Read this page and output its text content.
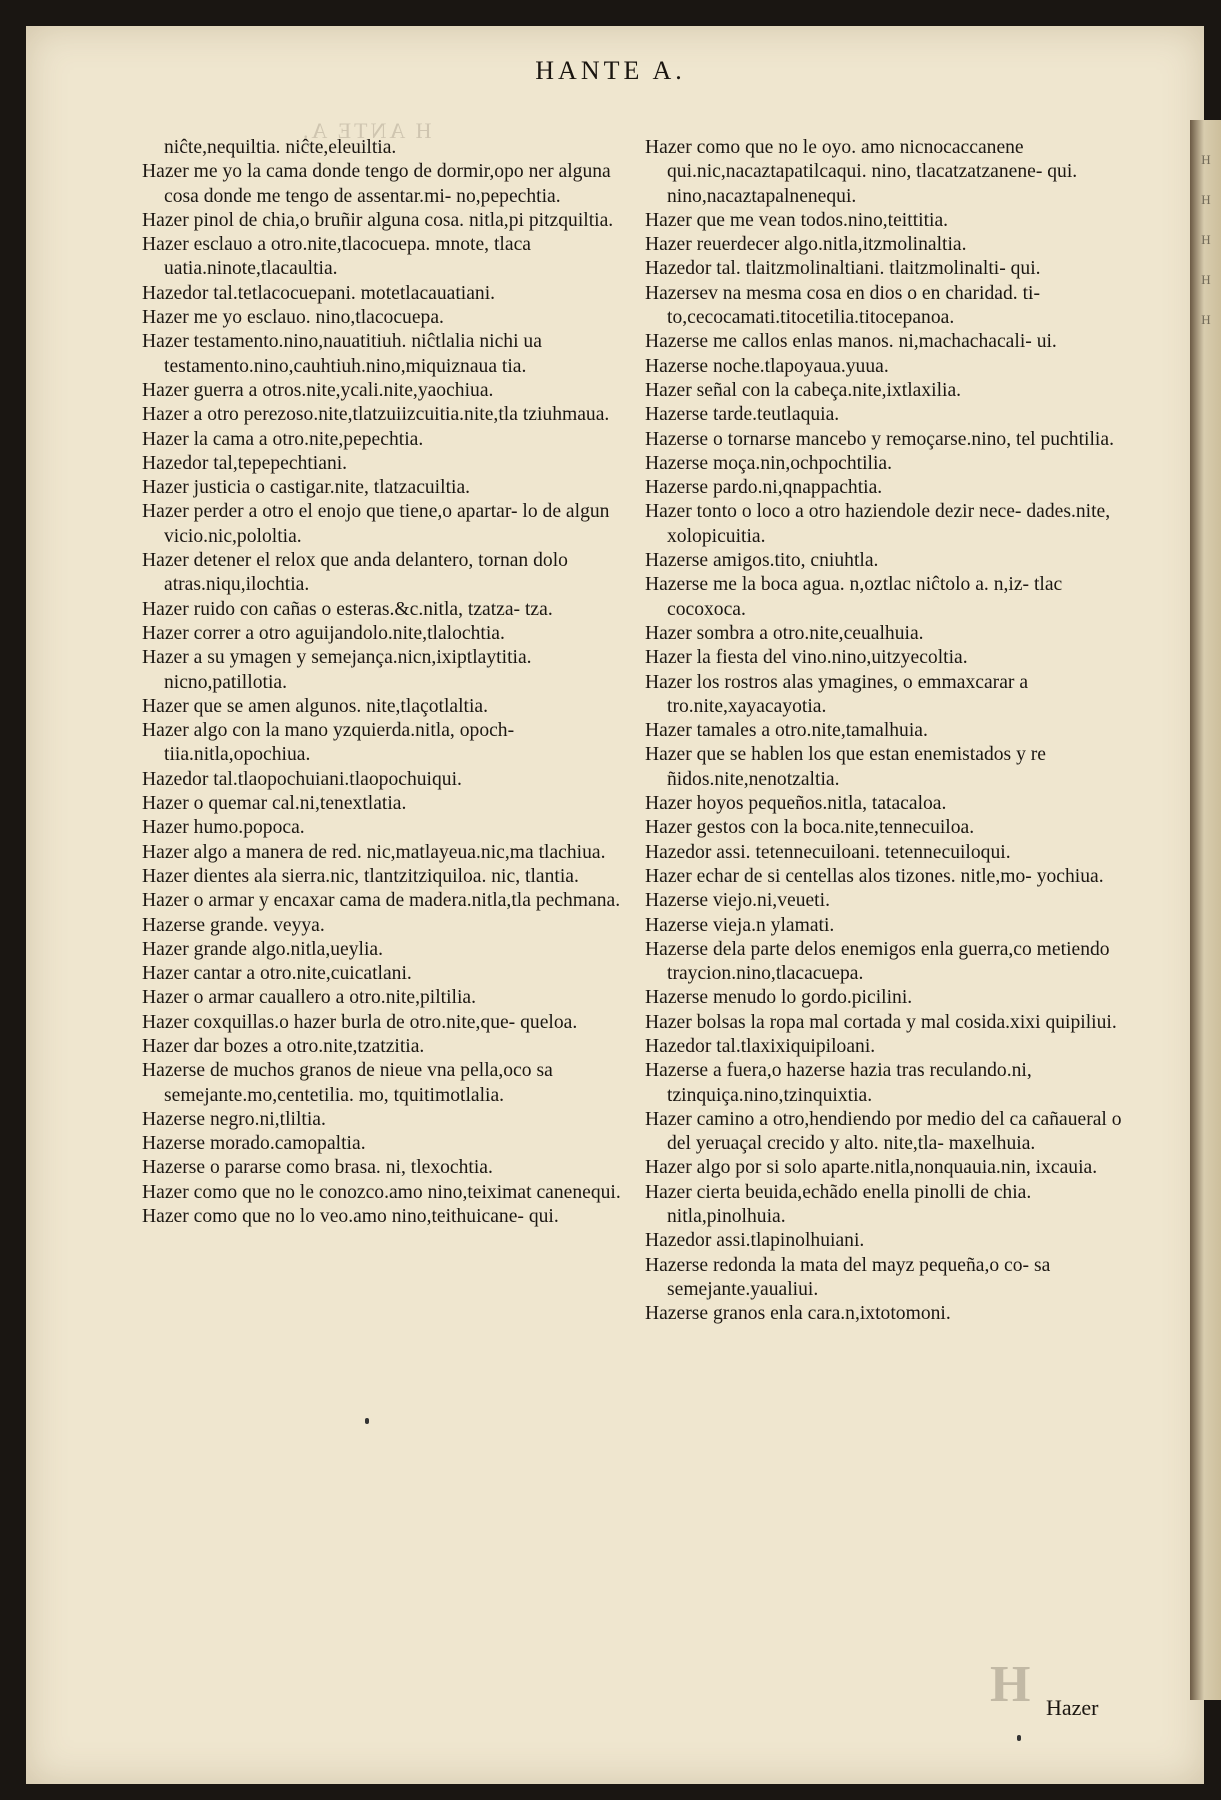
H
H
H
H
H
HANTE A.
H ANTE A.
niĉte,nequiltia. niĉte,eleuiltia.
Hazer me yo la cama donde tengo de dormir,opo ner alguna cosa donde me tengo de assentar.mi- no,pepechtia.
Hazer pinol de chia,o bruñir alguna cosa. nitla,pi pitzquiltia.
Hazer esclauo a otro.nite,tlacocuepa. mnote, tlaca uatia.ninote,tlacaultia.
Hazedor tal.tetlacocuepani. motetlacauatiani.
Hazer me yo esclauo. nino,tlacocuepa.
Hazer testamento.nino,nauatitiuh. niĉtlalia nichi ua testamento.nino,cauhtiuh.nino,miquiznaua tia.
Hazer guerra a otros.nite,ycali.nite,yaochiua.
Hazer a otro perezoso.nite,tlatzuiizcuitia.nite,tla tziuhmaua.
Hazer la cama a otro.nite,pepechtia.
Hazedor tal,tepepechtiani.
Hazer justicia o castigar.nite, tlatzacuiltia.
Hazer perder a otro el enojo que tiene,o apartar- lo de algun vicio.nic,pololtia.
Hazer detener el relox que anda delantero, tornan dolo atras.niqu,ilochtia.
Hazer ruido con cañas o esteras.&c.nitla, tzatza- tza.
Hazer correr a otro aguijandolo.nite,tlalochtia.
Hazer a su ymagen y semejança.nicn,ixiptlaytitia. nicno,patillotia.
Hazer que se amen algunos. nite,tlaçotlaltia.
Hazer algo con la mano yzquierda.nitla, opoch- tiia.nitla,opochiua.
Hazedor tal.tlaopochuiani.tlaopochuiqui.
Hazer o quemar cal.ni,tenextlatia.
Hazer humo.popoca.
Hazer algo a manera de red. nic,matlayeua.nic,ma tlachiua.
Hazer dientes ala sierra.nic, tlantzitziquiloa. nic, tlantia.
Hazer o armar y encaxar cama de madera.nitla,tla pechmana.
Hazerse grande. veyya.
Hazer grande algo.nitla,ueylia.
Hazer cantar a otro.nite,cuicatlani.
Hazer o armar cauallero a otro.nite,piltilia.
Hazer coxquillas.o hazer burla de otro.nite,que- queloa.
Hazer dar bozes a otro.nite,tzatzitia.
Hazerse de muchos granos de nieue vna pella,oco sa semejante.mo,centetilia. mo, tquitimotlalia.
Hazerse negro.ni,tliltia.
Hazerse morado.camopaltia.
Hazerse o pararse como brasa. ni, tlexochtia.
Hazer como que no le conozco.amo nino,teiximat canenequi.
Hazer como que no lo veo.amo nino,teithuicane- qui.
Hazer como que no le oyo. amo nicnocaccanene qui.nic,nacaztapatilcaqui. nino, tlacatzatzanene- qui. nino,nacaztapalnenequi.
Hazer que me vean todos.nino,teittitia.
Hazer reuerdecer algo.nitla,itzmolinaltia.
Hazedor tal. tlaitzmolinaltiani. tlaitzmolinalti- qui.
Hazersev na mesma cosa en dios o en charidad. ti- to,cecocamati.titocetilia.titocepanoa.
Hazerse me callos enlas manos. ni,machachacali- ui.
Hazerse noche.tlapoyaua.yuua.
Hazer señal con la cabeça.nite,ixtlaxilia.
Hazerse tarde.teutlaquia.
Hazerse o tornarse mancebo y remoçarse.nino, tel puchtilia.
Hazerse moça.nin,ochpochtilia.
Hazerse pardo.ni,qnappachtia.
Hazer tonto o loco a otro haziendole dezir nece- dades.nite, xolopicuitia.
Hazerse amigos.tito, cniuhtla.
Hazerse me la boca agua. n,oztlac niĉtolo a. n,iz- tlac cocoxoca.
Hazer sombra a otro.nite,ceualhuia.
Hazer la fiesta del vino.nino,uitzyecoltia.
Hazer los rostros alas ymagines, o emmaxcarar a tro.nite,xayacayotia.
Hazer tamales a otro.nite,tamalhuia.
Hazer que se hablen los que estan enemistados y re ñidos.nite,nenotzaltia.
Hazer hoyos pequeños.nitla, tatacaloa.
Hazer gestos con la boca.nite,tennecuiloa.
Hazedor assi. tetennecuiloani. tetennecuiloqui.
Hazer echar de si centellas alos tizones. nitle,mo- yochiua.
Hazerse viejo.ni,veueti.
Hazerse vieja.n ylamati.
Hazerse dela parte delos enemigos enla guerra,co metiendo traycion.nino,tlacacuepa.
Hazerse menudo lo gordo.picilini.
Hazer bolsas la ropa mal cortada y mal cosida.xixi quipiliui.
Hazedor tal.tlaxixiquipiloani.
Hazerse a fuera,o hazerse hazia tras reculando.ni, tzinquiça.nino,tzinquixtia.
Hazer camino a otro,hendiendo por medio del ca cañaueral o del yeruaçal crecido y alto. nite,tla- maxelhuia.
Hazer algo por si solo aparte.nitla,nonquauia.nin, ixcauia.
Hazer cierta beuida,echãdo enella pinolli de chia. nitla,pinolhuia.
Hazedor assi.tlapinolhuiani.
Hazerse redonda la mata del mayz pequeña,o co- sa semejante.yaualiui.
Hazerse granos enla cara.n,ixtotomoni.
H Hazer
